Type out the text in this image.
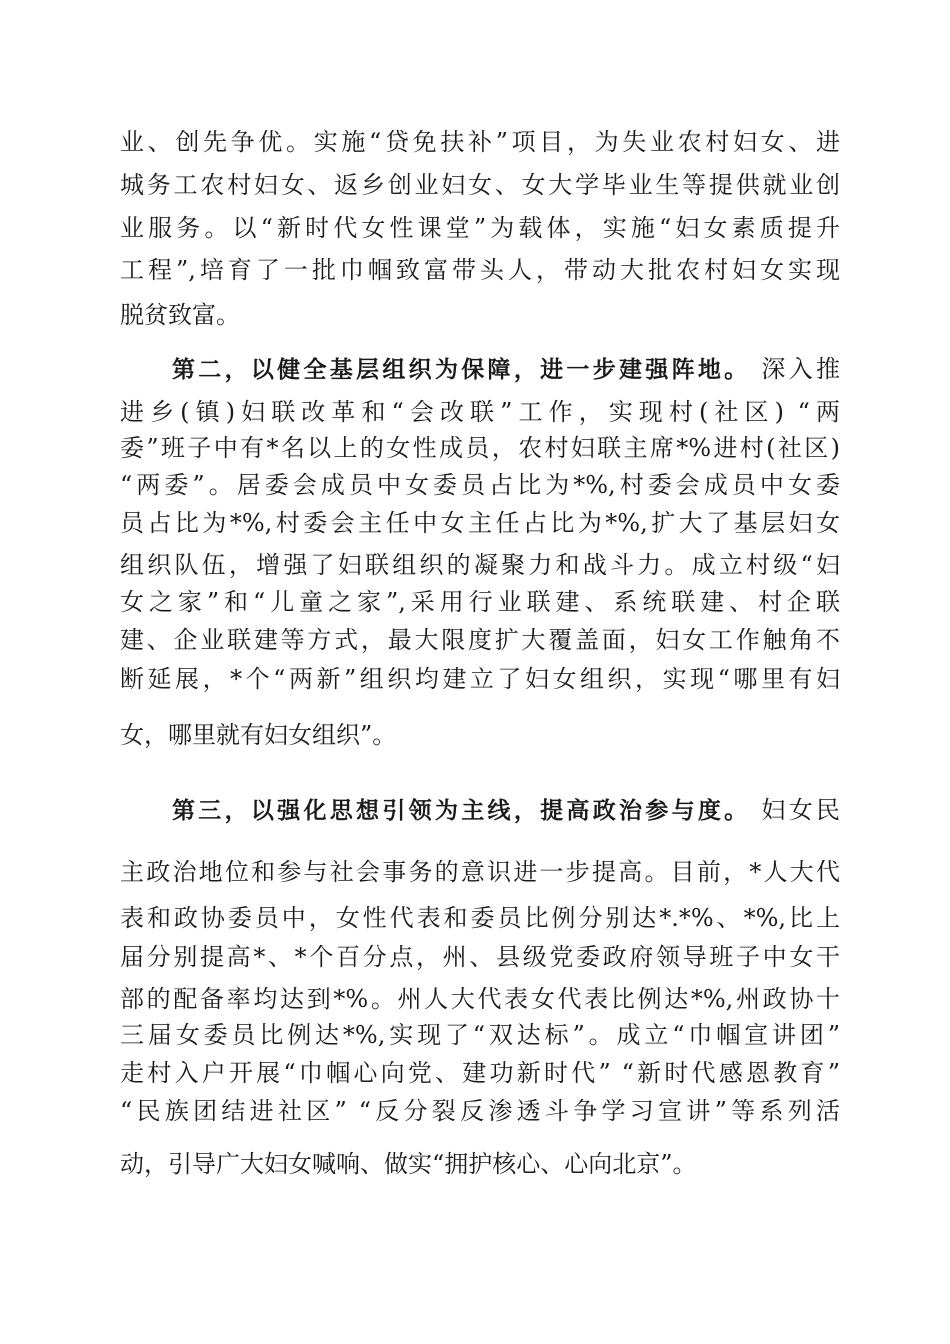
业、创先争优。实施“贷免扶补”项目，为失业农村妇女、进
城务工农村妇女、返乡创业妇女、女大学毕业生等提供就业创
业服务。以“新时代女性课堂”为载体，实施“妇女素质提升
工程”,培育了一批巾帼致富带头人，带动大批农村妇女实现
脱贫致富。
第二，以健全基层组织为保障，进一步建强阵地。 深入推
进乡(镇)妇联改革和“会改联”工作，实现村(社区) “两
委”班子中有*名以上的女性成员，农村妇联主席*%进村(社区)
“两委”。居委会成员中女委员占比为*%,村委会成员中女委
员占比为*%,村委会主任中女主任占比为*%,扩大了基层妇女
组织队伍，增强了妇联组织的凝聚力和战斗力。成立村级“妇
女之家”和“儿童之家”,采用行业联建、系统联建、村企联
建、企业联建等方式，最大限度扩大覆盖面，妇女工作触角不
断延展，*个“两新”组织均建立了妇女组织，实现“哪里有妇
女，哪里就有妇女组织”。
第三，以强化思想引领为主线，提高政治参与度。 妇女民
主政治地位和参与社会事务的意识进一步提高。目前，*人大代
表和政协委员中，女性代表和委员比例分别达*.*%、*%,比上
届分别提高*、*个百分点，州、县级党委政府领导班子中女干
部的配备率均达到*%。州人大代表女代表比例达*%,州政协十
三届女委员比例达*%,实现了“双达标”。成立“巾帼宣讲团”
走村入户开展“巾帼心向党、建功新时代” “新时代感恩教育”
“民族团结进社区” “反分裂反渗透斗争学习宣讲”等系列活
动，引导广大妇女喊响、做实“拥护核心、心向北京”。
